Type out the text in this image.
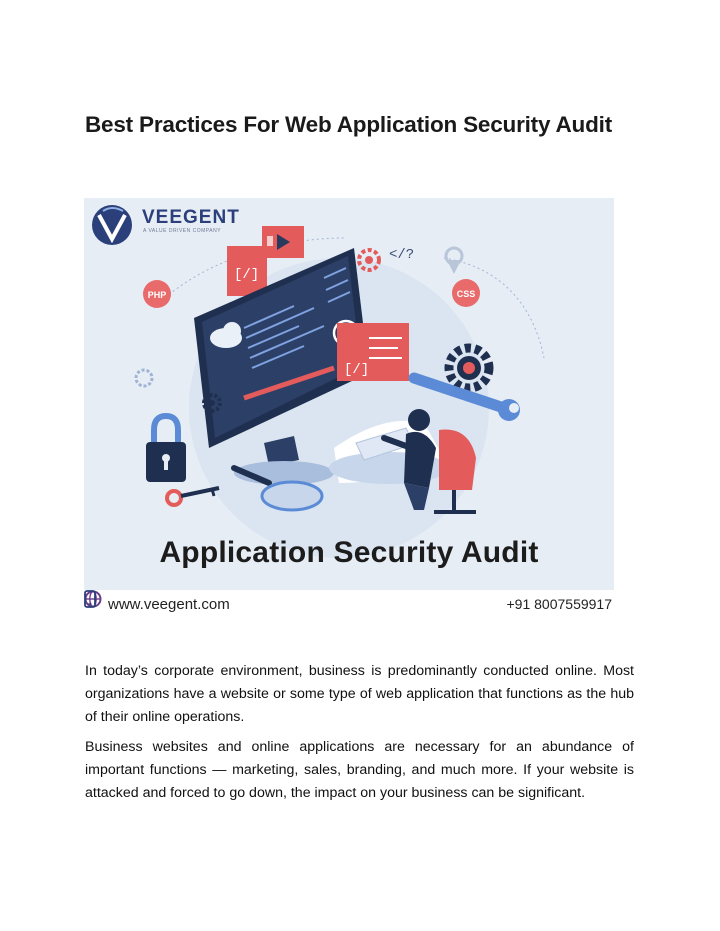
Best Practices For Web Application Security Audit
PHP	CSS
</?
[/]
[/]
VEEGENT
A VALUE DRIVEN COMPANY
Application Security Audit
www.veegent.com	+91 8007559917

In today’s corporate environment, business is predominantly conducted online. Most organizations have a website or some type of web application that functions as the hub of their online operations.

Business websites and online applications are necessary for an abundance of important functions — marketing, sales, branding, and much more. If your website is attacked and forced to go down, the impact on your business can be significant.
